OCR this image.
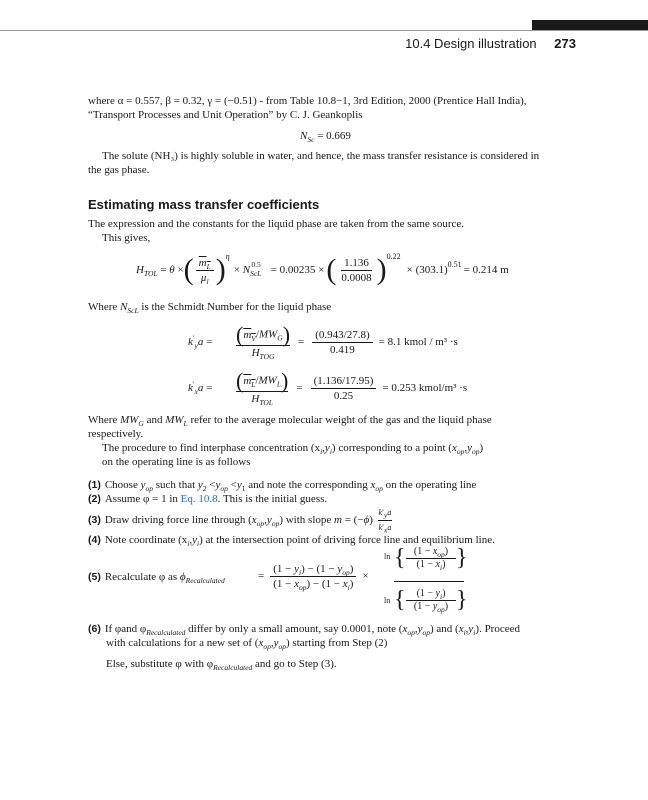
10.4 Design illustration 273
where α = 0.557, β = 0.32, γ = (−0.51) - from Table 10.8−1, 3rd Edition, 2000 (Prentice Hall India),
“Transport Processes and Unit Operation” by C. J. Geankoplis
$N_{Sc} = 0.669$
The solute (NH₃) is highly soluble in water, and hence, the mass transfer resistance is considered in
the gas phase.
Estimating mass transfer coefficients
The expression and the constants for the liquid phase are taken from the same source.
This gives,
$H_{TOL} = \theta$ × ( $\frac{m_L}{\mu_l}$ ) η
× $N_{ScL}^{0.5} = 0.00235$ × ( $\frac{1.136}{0.0008}$ ) 0.22
× (303.1) 0.51 = 0.214 m
Where $N_{ScL}$ is the Schmidt Number for the liquid phase
$k'_ya$ =	$\frac{(m_V/MW_G)}{H_{TOG}} = \frac{(0.943/27.8)}{0.419} = 8.1$ kmol / m³ ·s
$k'_xa$ =	$\frac{(m_L/MW_L)}{H_{TOL}} = \frac{(1.136/17.95)}{0.25} = 0.253$ kmol/m³ ·s
Where $MW_G$ and $MW_L$ refer to the average molecular weight of the gas and the liquid phase
respectively.
The procedure to find interphase concentration $(x_i,y_i)$ corresponding to a point $(x_{op},y_{op})$
on the operating line is as follows
(1) Choose $y_{op}$ such that $y_2 <y_{op} <y_1$ and note the corresponding $x_{op}$ on the operating line
(2) Assume φ = 1 in Eq. 10.8. This is the initial guess.
(3) Draw driving force line through $(x_{op},y_{op})$ with slope $m = (-\phi) \frac{k'_ya}{k'_xa}$
(4) Note coordinate $(x_i,y_i)$ at the intersection point of driving force line and equilibrium line.
(5) Recalculate φ as $\phi_{Recalculated}$	= $\frac{(1 - y_i) - (1 - y_{op})}{(1 - x_{op}) - (1 - x_i)}$ ×
ln { $(1 - x_{op})$
$(1 - x_i)$ }
ln {	$(1 - y_i)$
$(1 - y_{op})$ }
(6) If φand $\varphi_{Recalculated}$ differ by only a small amount, say 0.0001, note $(x_{op},y_{op})$ and $(x_i,y_i)$. Proceed
with calculations for a new set of $(x_{op},y_{op})$ starting from Step (2)
Else, substitute φ with $\varphi_{Recalculated}$ and go to Step (3).
